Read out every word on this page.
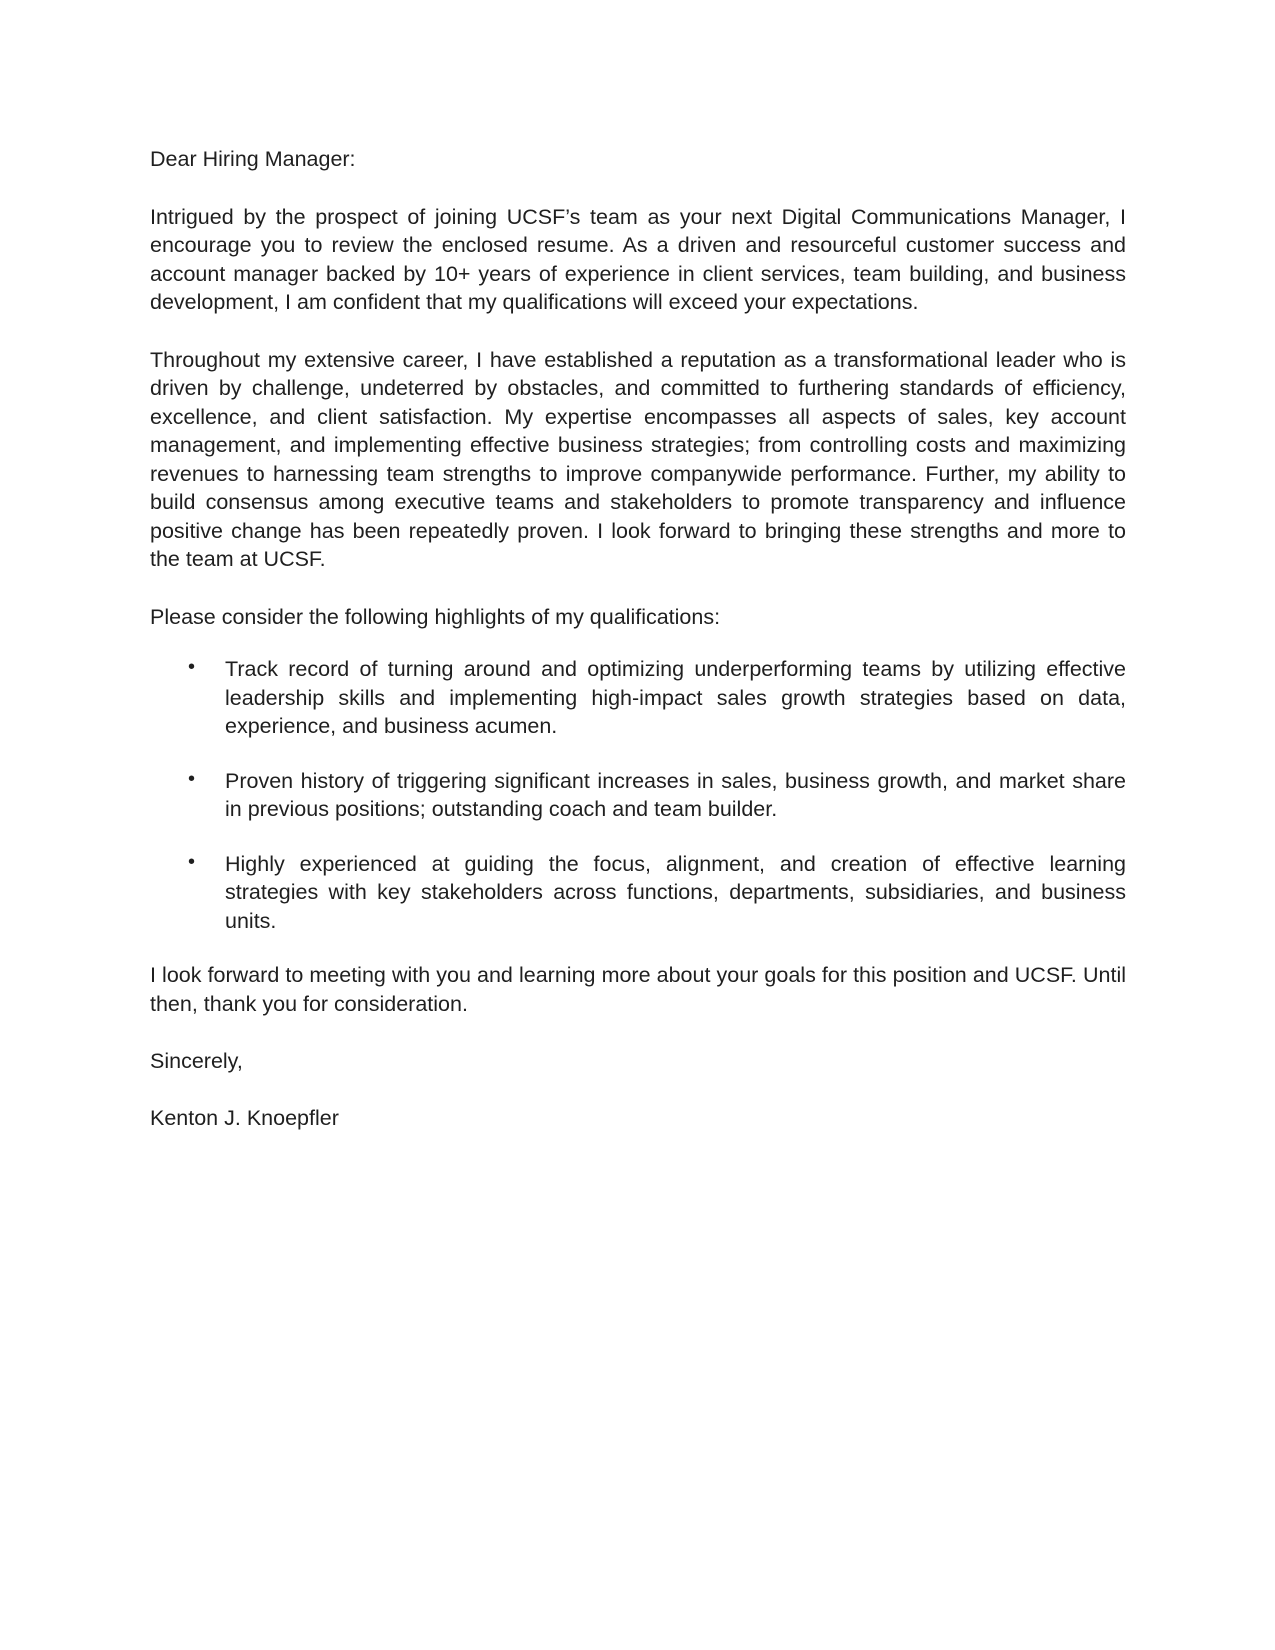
Dear Hiring Manager:

Intrigued by the prospect of joining UCSF’s team as your next Digital Communications Manager, I encourage you to review the enclosed resume. As a driven and resourceful customer success and account manager backed by 10+ years of experience in client services, team building, and business development, I am confident that my qualifications will exceed your expectations.

Throughout my extensive career, I have established a reputation as a transformational leader who is driven by challenge, undeterred by obstacles, and committed to furthering standards of efficiency, excellence, and client satisfaction. My expertise encompasses all aspects of sales, key account management, and implementing effective business strategies; from controlling costs and maximizing revenues to harnessing team strengths to improve companywide performance. Further, my ability to build consensus among executive teams and stakeholders to promote transparency and influence positive change has been repeatedly proven. I look forward to bringing these strengths and more to the team at UCSF.

Please consider the following highlights of my qualifications:

• Track record of turning around and optimizing underperforming teams by utilizing effective leadership skills and implementing high-impact sales growth strategies based on data, experience, and business acumen.
• Proven history of triggering significant increases in sales, business growth, and market share in previous positions; outstanding coach and team builder.
• Highly experienced at guiding the focus, alignment, and creation of effective learning strategies with key stakeholders across functions, departments, subsidiaries, and business units.

I look forward to meeting with you and learning more about your goals for this position and UCSF. Until then, thank you for consideration.

Sincerely,

Kenton J. Knoepfler
